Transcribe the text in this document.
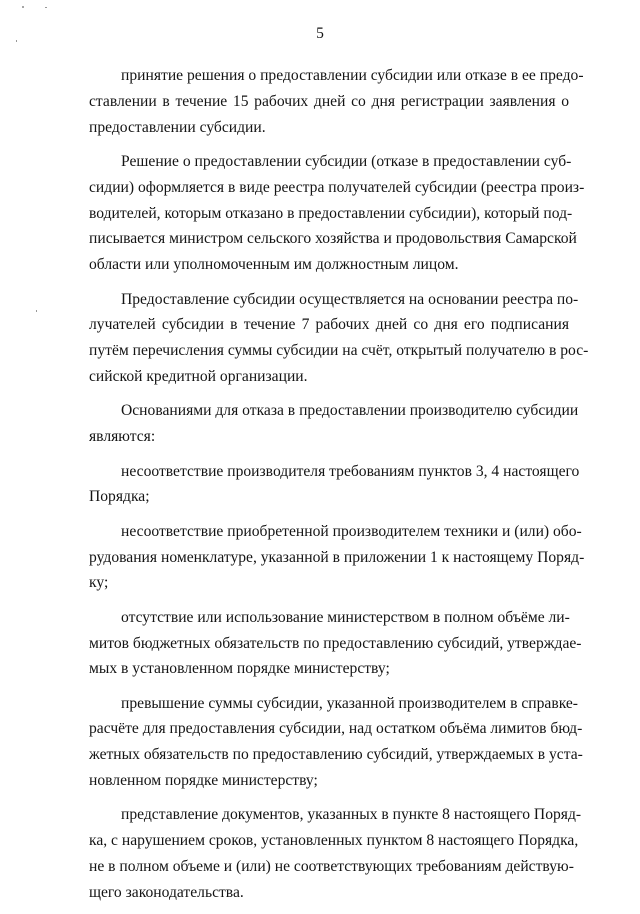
5

принятие решения о предоставлении субсидии или отказе в ее предо-
ставлении в течение 15 рабочих дней со дня регистрации заявления о
предоставлении субсидии.

Решение о предоставлении субсидии (отказе в предоставлении суб-
сидии) оформляется в виде реестра получателей субсидии (реестра произ-
водителей, которым отказано в предоставлении субсидии), который под-
писывается министром сельского хозяйства и продовольствия Самарской
области или уполномоченным им должностным лицом.

Предоставление субсидии осуществляется на основании реестра по-
лучателей субсидии в течение 7 рабочих дней со дня его подписания
путём перечисления суммы субсидии на счёт, открытый получателю в рос-
сийской кредитной организации.

Основаниями для отказа в предоставлении производителю субсидии
являются:

несоответствие производителя требованиям пунктов 3, 4 настоящего
Порядка;

несоответствие приобретенной производителем техники и (или) обо-
рудования номенклатуре, указанной в приложении 1 к настоящему Поряд-
ку;

отсутствие или использование министерством в полном объёме ли-
митов бюджетных обязательств по предоставлению субсидий, утверждае-
мых в установленном порядке министерству;

превышение суммы субсидии, указанной производителем в справке-
расчёте для предоставления субсидии, над остатком объёма лимитов бюд-
жетных обязательств по предоставлению субсидий, утверждаемых в уста-
новленном порядке министерству;

представление документов, указанных в пункте 8 настоящего Поряд-
ка, с нарушением сроков, установленных пунктом 8 настоящего Порядка,
не в полном объеме и (или) не соответствующих требованиям действую-
щего законодательства.
